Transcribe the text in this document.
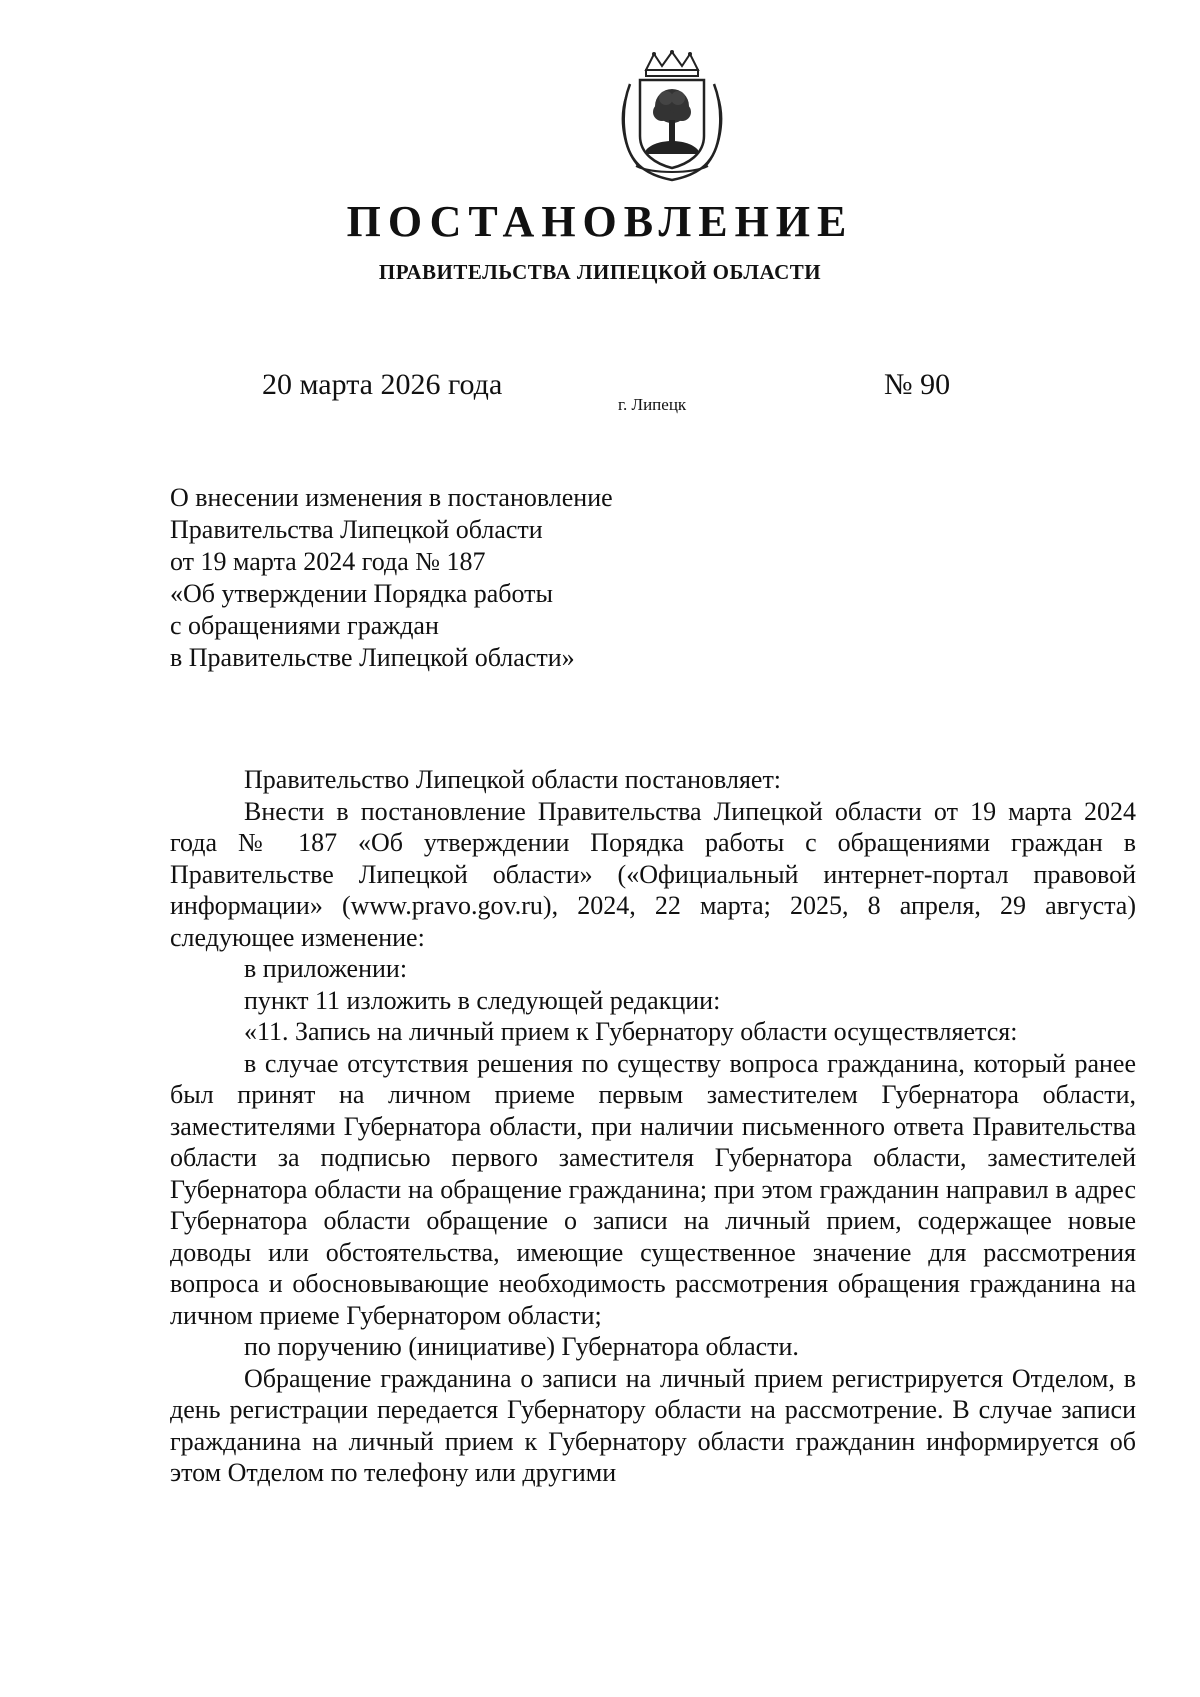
ПОСТАНОВЛЕНИЕ
ПРАВИТЕЛЬСТВА ЛИПЕЦКОЙ ОБЛАСТИ
20 марта 2026 года
г. Липецк
№ 90
О внесении изменения в постановление
Правительства Липецкой области
от 19 марта 2024 года № 187
«Об утверждении Порядка работы
с обращениями граждан
в Правительстве Липецкой области»

Правительство Липецкой области постановляет:

Внести в постановление Правительства Липецкой области от 19 марта 2024 года № 187 «Об утверждении Порядка работы с обращениями граждан в Правительстве Липецкой области» («Официальный интернет-портал правовой информации» (www.pravo.gov.ru), 2024, 22 марта; 2025, 8 апреля, 29 августа) следующее изменение:

в приложении:

пункт 11 изложить в следующей редакции:

«11. Запись на личный прием к Губернатору области осуществляется:

в случае отсутствия решения по существу вопроса гражданина, который ранее был принят на личном приеме первым заместителем Губернатора области, заместителями Губернатора области, при наличии письменного ответа Правительства области за подписью первого заместителя Губернатора области, заместителей Губернатора области на обращение гражданина; при этом гражданин направил в адрес Губернатора области обращение о записи на личный прием, содержащее новые доводы или обстоятельства, имеющие существенное значение для рассмотрения вопроса и обосновывающие необходимость рассмотрения обращения гражданина на личном приеме Губернатором области;

по поручению (инициативе) Губернатора области.

Обращение гражданина о записи на личный прием регистрируется Отделом, в день регистрации передается Губернатору области на рассмотрение. В случае записи гражданина на личный прием к Губернатору области гражданин информируется об этом Отделом по телефону или другими
